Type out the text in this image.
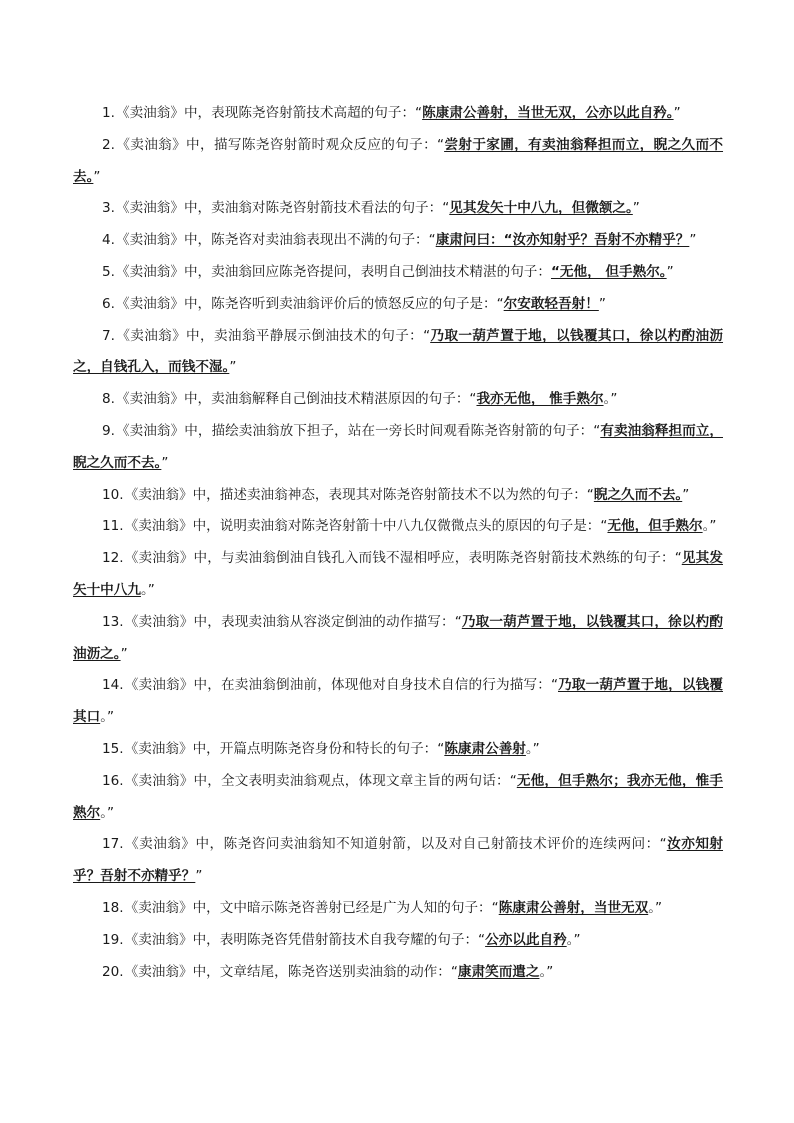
1.《卖油翁》中，表现陈尧咨射箭技术高超的句子：“陈康肃公善射，当世无双，公亦以此自矜。”

2.《卖油翁》中，描写陈尧咨射箭时观众反应的句子：“尝射于家圃，有卖油翁释担而立，睨之久而不去。”

3.《卖油翁》中，卖油翁对陈尧咨射箭技术看法的句子：“见其发矢十中八九，但微颔之。”

4.《卖油翁》中，陈尧咨对卖油翁表现出不满的句子：“康肃问曰：“汝亦知射乎？吾射不亦精乎？”

5.《卖油翁》中，卖油翁回应陈尧咨提问，表明自己倒油技术精湛的句子：“无他， 但手熟尔。”

6.《卖油翁》中，陈尧咨听到卖油翁评价后的愤怒反应的句子是：“尔安敢轻吾射！”

7.《卖油翁》中，卖油翁平静展示倒油技术的句子：“乃取一葫芦置于地，以钱覆其口，徐以杓酌油沥之，自钱孔入，而钱不湿。”

8.《卖油翁》中，卖油翁解释自己倒油技术精湛原因的句子：“我亦无他， 惟手熟尔。”

9.《卖油翁》中，描绘卖油翁放下担子，站在一旁长时间观看陈尧咨射箭的句子：“有卖油翁释担而立，睨之久而不去。”

10.《卖油翁》中，描述卖油翁神态，表现其对陈尧咨射箭技术不以为然的句子：“睨之久而不去。”

11.《卖油翁》中，说明卖油翁对陈尧咨射箭十中八九仅微微点头的原因的句子是：“无他，但手熟尔。”

12.《卖油翁》中，与卖油翁倒油自钱孔入而钱不湿相呼应，表明陈尧咨射箭技术熟练的句子：“见其发矢十中八九。”

13.《卖油翁》中，表现卖油翁从容淡定倒油的动作描写：“乃取一葫芦置于地，以钱覆其口，徐以杓酌油沥之。”

14.《卖油翁》中，在卖油翁倒油前，体现他对自身技术自信的行为描写：“乃取一葫芦置于地，以钱覆其口。”

15.《卖油翁》中，开篇点明陈尧咨身份和特长的句子：“陈康肃公善射。”

16.《卖油翁》中，全文表明卖油翁观点，体现文章主旨的两句话：“无他，但手熟尔；我亦无他，惟手熟尔。”

17.《卖油翁》中，陈尧咨问卖油翁知不知道射箭，以及对自己射箭技术评价的连续两问：“汝亦知射乎？吾射不亦精乎？”

18.《卖油翁》中，文中暗示陈尧咨善射已经是广为人知的句子：“陈康肃公善射，当世无双。”

19.《卖油翁》中，表明陈尧咨凭借射箭技术自我夸耀的句子：“公亦以此自矜。”

20.《卖油翁》中，文章结尾，陈尧咨送别卖油翁的动作：“康肃笑而遣之。”
